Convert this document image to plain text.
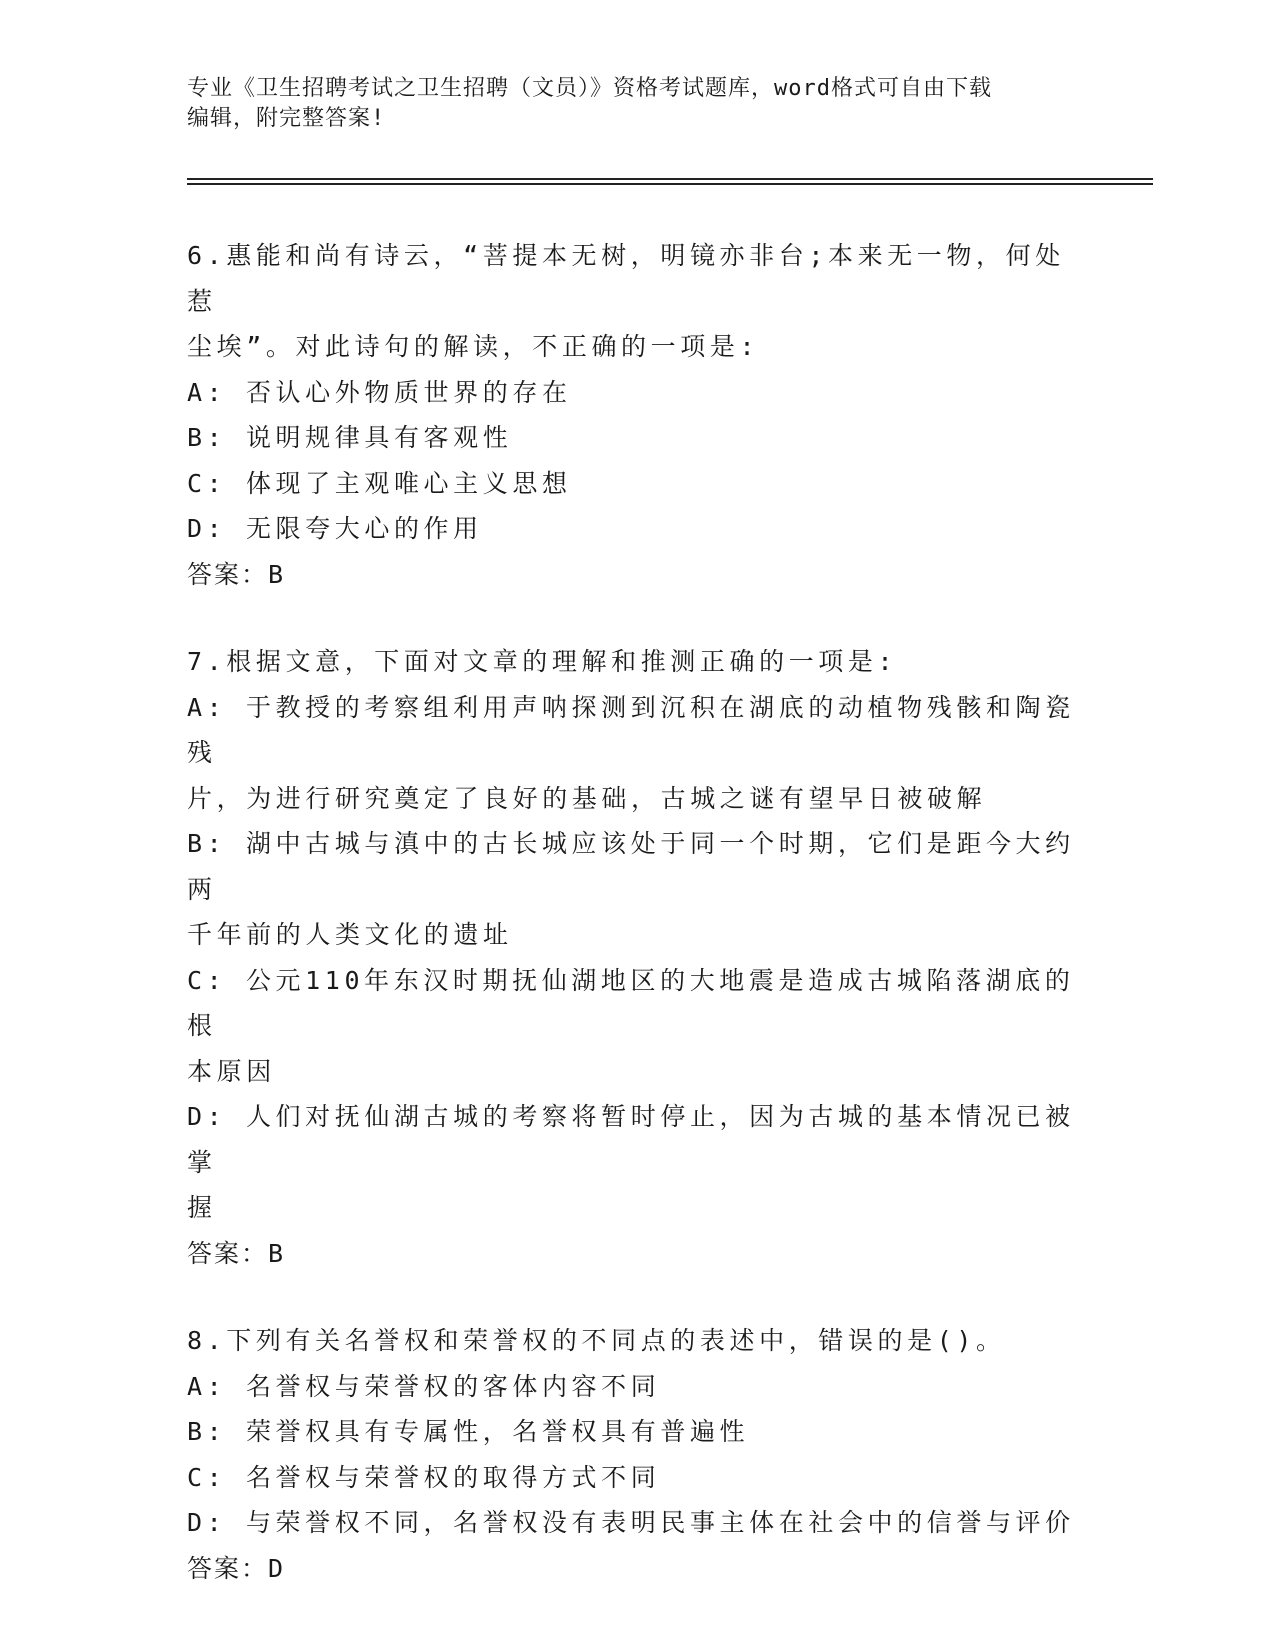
专业《卫生招聘考试之卫生招聘（文员）》资格考试题库，word格式可自由下载
编辑，附完整答案!
6.惠能和尚有诗云，“菩提本无树，明镜亦非台;本来无一物，何处惹
尘埃”。对此诗句的解读，不正确的一项是:
A: 否认心外物质世界的存在
B: 说明规律具有客观性
C: 体现了主观唯心主义思想
D: 无限夸大心的作用
答案：B
7.根据文意，下面对文章的理解和推测正确的一项是:
A: 于教授的考察组利用声呐探测到沉积在湖底的动植物残骸和陶瓷残
片，为进行研究奠定了良好的基础，古城之谜有望早日被破解
B: 湖中古城与滇中的古长城应该处于同一个时期，它们是距今大约两
千年前的人类文化的遗址
C: 公元110年东汉时期抚仙湖地区的大地震是造成古城陷落湖底的根
本原因
D: 人们对抚仙湖古城的考察将暂时停止，因为古城的基本情况已被掌
握
答案：B
8.下列有关名誉权和荣誉权的不同点的表述中，错误的是()。
A: 名誉权与荣誉权的客体内容不同
B: 荣誉权具有专属性，名誉权具有普遍性
C: 名誉权与荣誉权的取得方式不同
D: 与荣誉权不同，名誉权没有表明民事主体在社会中的信誉与评价
答案：D
